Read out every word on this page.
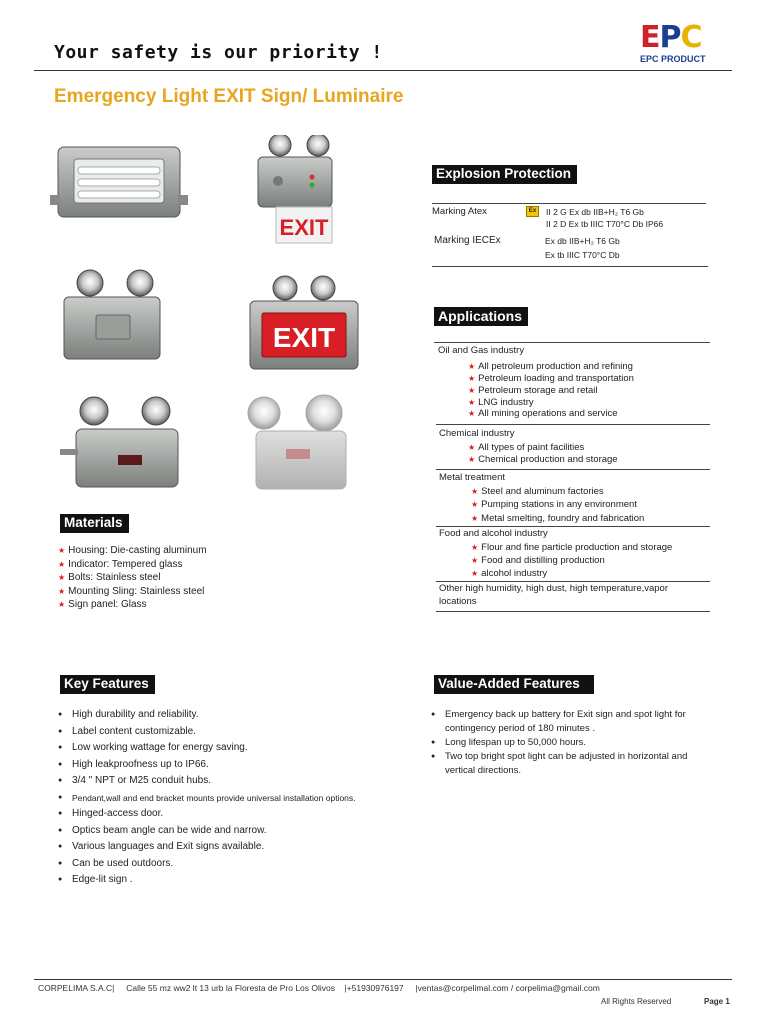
Your safety is our priority !	EPC
EPC PRODUCT
Emergency Light EXIT Sign/ Luminaire
EXIT
EXIT
Explosion Protection
Marking Atex	Ex	II 2 G Ex db IIB+H₂ T6 Gb
II 2 D Ex tb IIIC T70°C Db IP66
Marking IECEx	Ex db IIB+H₂ T6 Gb
Ex tb IIIC T70°C Db
Applications
Oil and Gas industry
★ All petroleum production and refining
★ Petroleum loading and transportation
★ Petroleum storage and retail
★ LNG industry
★ All mining operations and service
Chemical industry
★ All types of paint facilities
★ Chemical production and storage
Metal treatment
★ Steel and aluminum factories
★ Pumping stations in any environment
★ Metal smelting, foundry and fabrication
Food and alcohol industry
★ Flour and fine particle production and storage
★ Food and distilling production
★ alcohol industry
Other high humidity, high dust, high temperature,vapor
locations
Materials
★ Housing: Die-casting aluminum
★ Indicator: Tempered glass
★ Bolts: Stainless steel
★ Mounting Sling: Stainless steel
★ Sign panel: Glass
Key Features
● High durability and reliability.
● Label content customizable.
● Low working wattage for energy saving.
● High leakproofness up to IP66.
● 3/4 " NPT or M25 conduit hubs.
● Pendant,wall and end bracket mounts provide universal installation options.
● Hinged-access door.
● Optics beam angle can be wide and narrow.
● Various languages and Exit signs available.
● Can be used outdoors.
● Edge-lit sign .
Value-Added Features
● Emergency back up battery for Exit sign and spot light for
contingency period of 180 minutes .
● Long lifespan up to 50,000 hours.
● Two top bright spot light can be adjusted in horizontal and
vertical directions.
CORPELIMA S.A.C|     Calle 55 mz ww2 lt 13 urb la Floresta de Pro Los Olivos    |+51930976197     |ventas@corpelimal.com / corpelima@gmail.com
All Rights Reserved	Page 1
